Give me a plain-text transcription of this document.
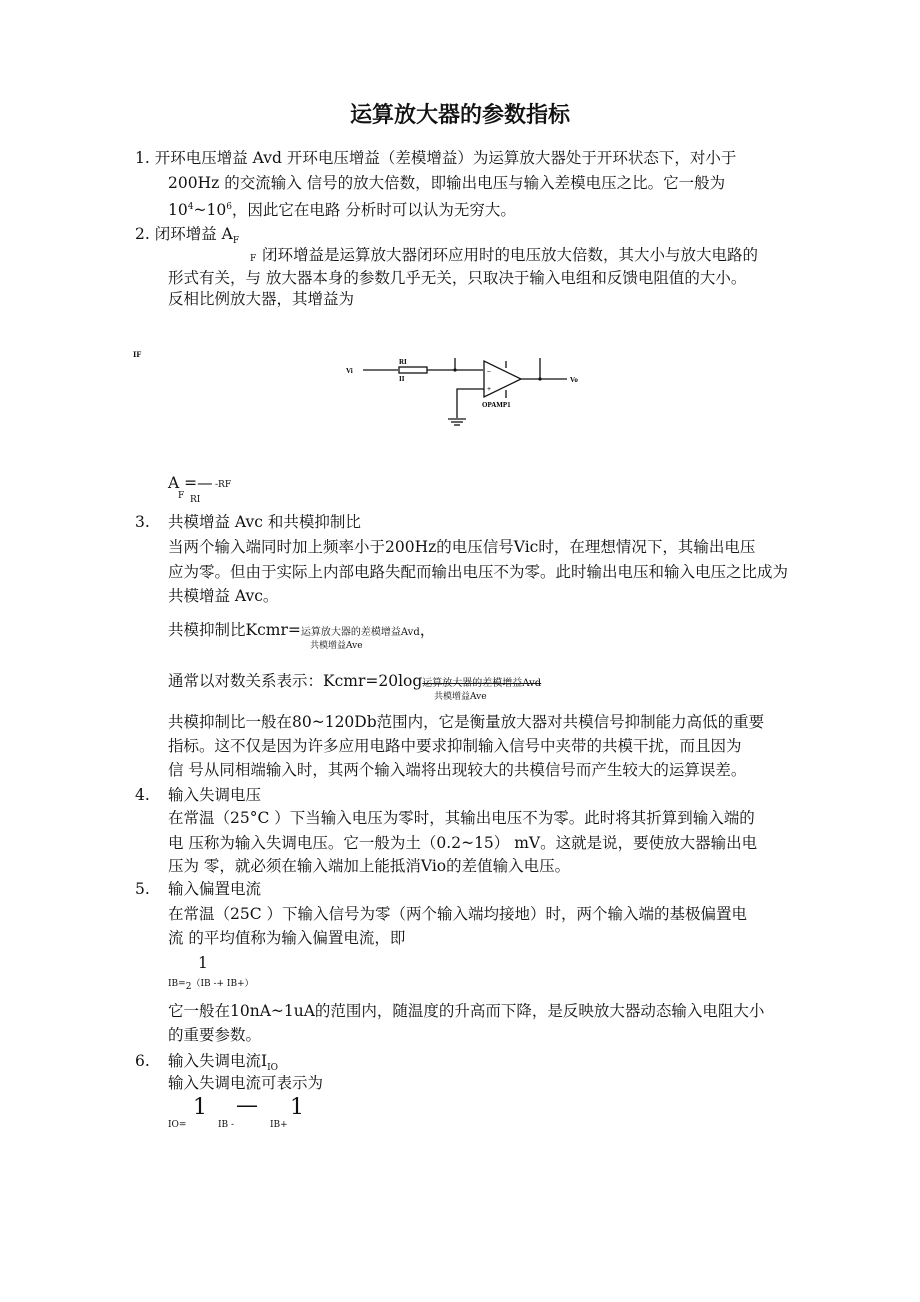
运算放大器的参数指标
1. 开环电压增益 Avd 开环电压增益（差模增益）为运算放大器处于开环状态下，对小于
200Hz 的交流输入 信号的放大倍数，即输出电压与输入差模电压之比。它一般为
$10^4\sim 10^6$，因此它在电路 分析时可以认为无穷大。
2. 闭环增益 $A_F$
F 闭环增益是运算放大器闭环应用时的电压放大倍数，其大小与放大电路的
形式有关，与 放大器本身的参数几乎无关，只取决于输入电组和反馈电阻值的大小。
反相比例放大器，其增益为
IF
Vi
RI
II
−
+
OPAMP1
Vo
A =— -RF
F RI
3. 共模增益 Avc 和共模抑制比
当两个输入端同时加上频率小于200Hz的电压信号Vic时，在理想情况下，其输出电压
应为零。但由于实际上内部电路失配而输出电压不为零。此时输出电压和输入电压之比成为
共模增益 Avc。
共模抑制比Kcmr=运算放大器的差模增益Avd，
共模增益Ave
通常以对数关系表示：Kcmr=20log运算放大器的差模增益Avd
共模增益Ave
共模抑制比一般在80~120Db范围内，它是衡量放大器对共模信号抑制能力高低的重要
指标。这不仅是因为许多应用电路中要求抑制输入信号中夹带的共模干扰，而且因为
信 号从同相端输入时，其两个输入端将出现较大的共模信号而产生较大的运算误差。
4. 输入失调电压
在常温（25°C ）下当输入电压为零时，其输出电压不为零。此时将其折算到输入端的
电 压称为输入失调电压。它一般为土（0.2~15） mV。这就是说，要使放大器输出电
压为 零，就必须在输入端加上能抵消Vio的差值输入电压。
5. 输入偏置电流
在常温（25C ）下输入信号为零（两个输入端均接地）时，两个输入端的基极偏置电
流 的平均值称为输入偏置电流，即
1
$IB=_2(IB -+ IB+)$
它一般在10nA~1uA的范围内，随温度的升高而下降，是反映放大器动态输入电阻大小
的重要参数。
6. 输入失调电流$I_{IO}$
输入失调电流可表示为
IO=
1
IB -
—
IB+
1
